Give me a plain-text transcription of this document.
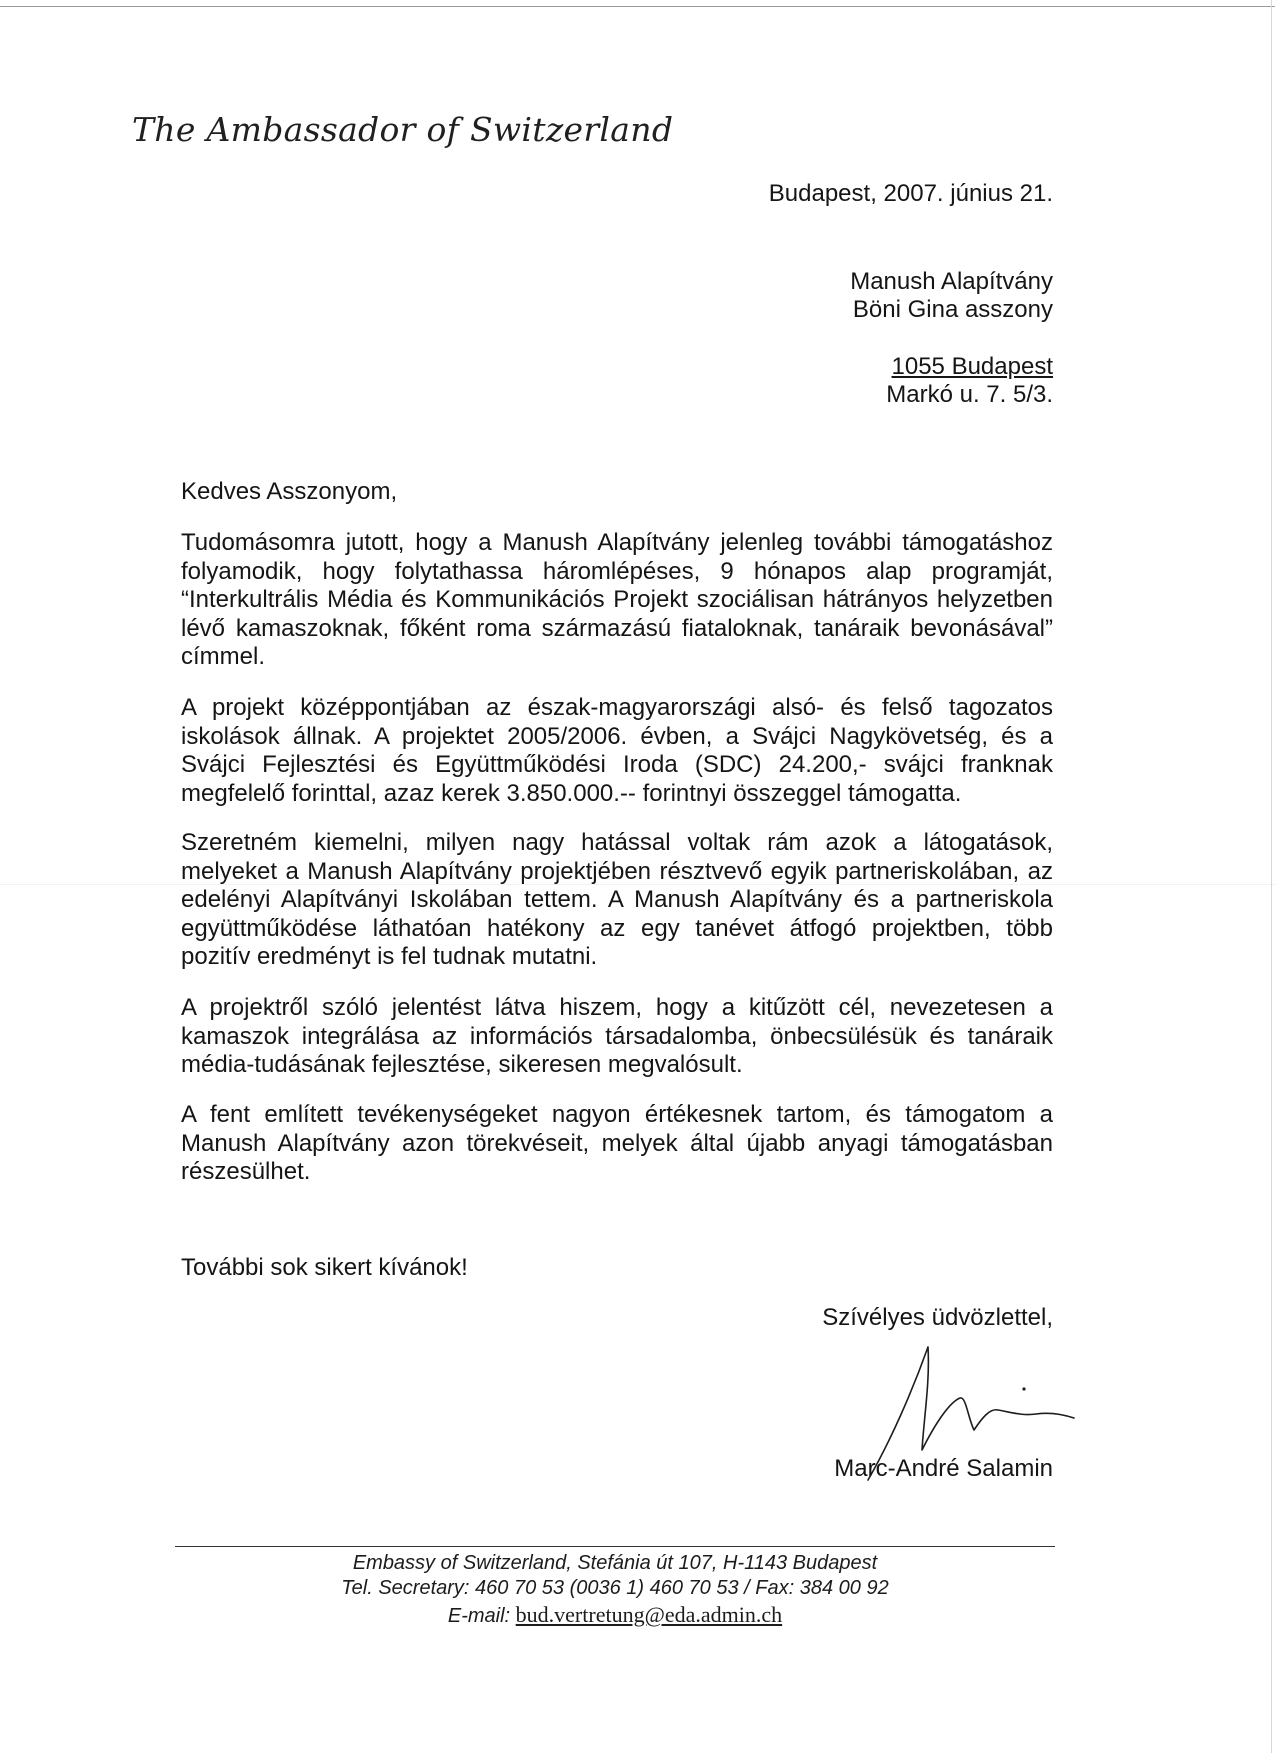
The Ambassador of Switzerland
Budapest, 2007. június 21.
Manush Alapítvány
Böni Gina asszony
1055 Budapest
Markó u. 7. 5/3.
Kedves Asszonyom,

Tudomásomra jutott, hogy a Manush Alapítvány jelenleg további támogatáshoz folyamodik, hogy folytathassa háromlépéses, 9 hónapos alap programját, “Interkultrális Média és Kommunikációs Projekt szociálisan hátrányos helyzetben lévő kamaszoknak, főként roma származású fiataloknak, tanáraik bevonásával” címmel.

A projekt középpontjában az észak-magyarországi alsó- és felső tagozatos iskolások állnak. A projektet 2005/2006. évben, a Svájci Nagykövetség, és a Svájci Fejlesztési és Együttműködési Iroda (SDC) 24.200,- svájci franknak megfelelő forinttal, azaz kerek 3.850.000.-- forintnyi összeggel támogatta.

Szeretném kiemelni, milyen nagy hatással voltak rám azok a látogatások, melyeket a Manush Alapítvány projektjében résztvevő egyik partneriskolában, az edelényi Alapítványi Iskolában tettem. A Manush Alapítvány és a partneriskola együttműködése láthatóan hatékony az egy tanévet átfogó projektben, több pozitív eredményt is fel tudnak mutatni.

A projektről szóló jelentést látva hiszem, hogy a kitűzött cél, nevezetesen a kamaszok integrálása az információs társadalomba, önbecsülésük és tanáraik média-tudásának fejlesztése, sikeresen megvalósult.

A fent említett tevékenységeket nagyon értékesnek tartom, és támogatom a Manush Alapítvány azon törekvéseit, melyek által újabb anyagi támogatásban részesülhet.

További sok sikert kívánok!
Szívélyes üdvözlettel,
Marc-André Salamin
Embassy of Switzerland, Stefánia út 107, H-1143 Budapest
Tel. Secretary: 460 70 53 (0036 1) 460 70 53 / Fax: 384 00 92
E-mail: bud.vertretung@eda.admin.ch
